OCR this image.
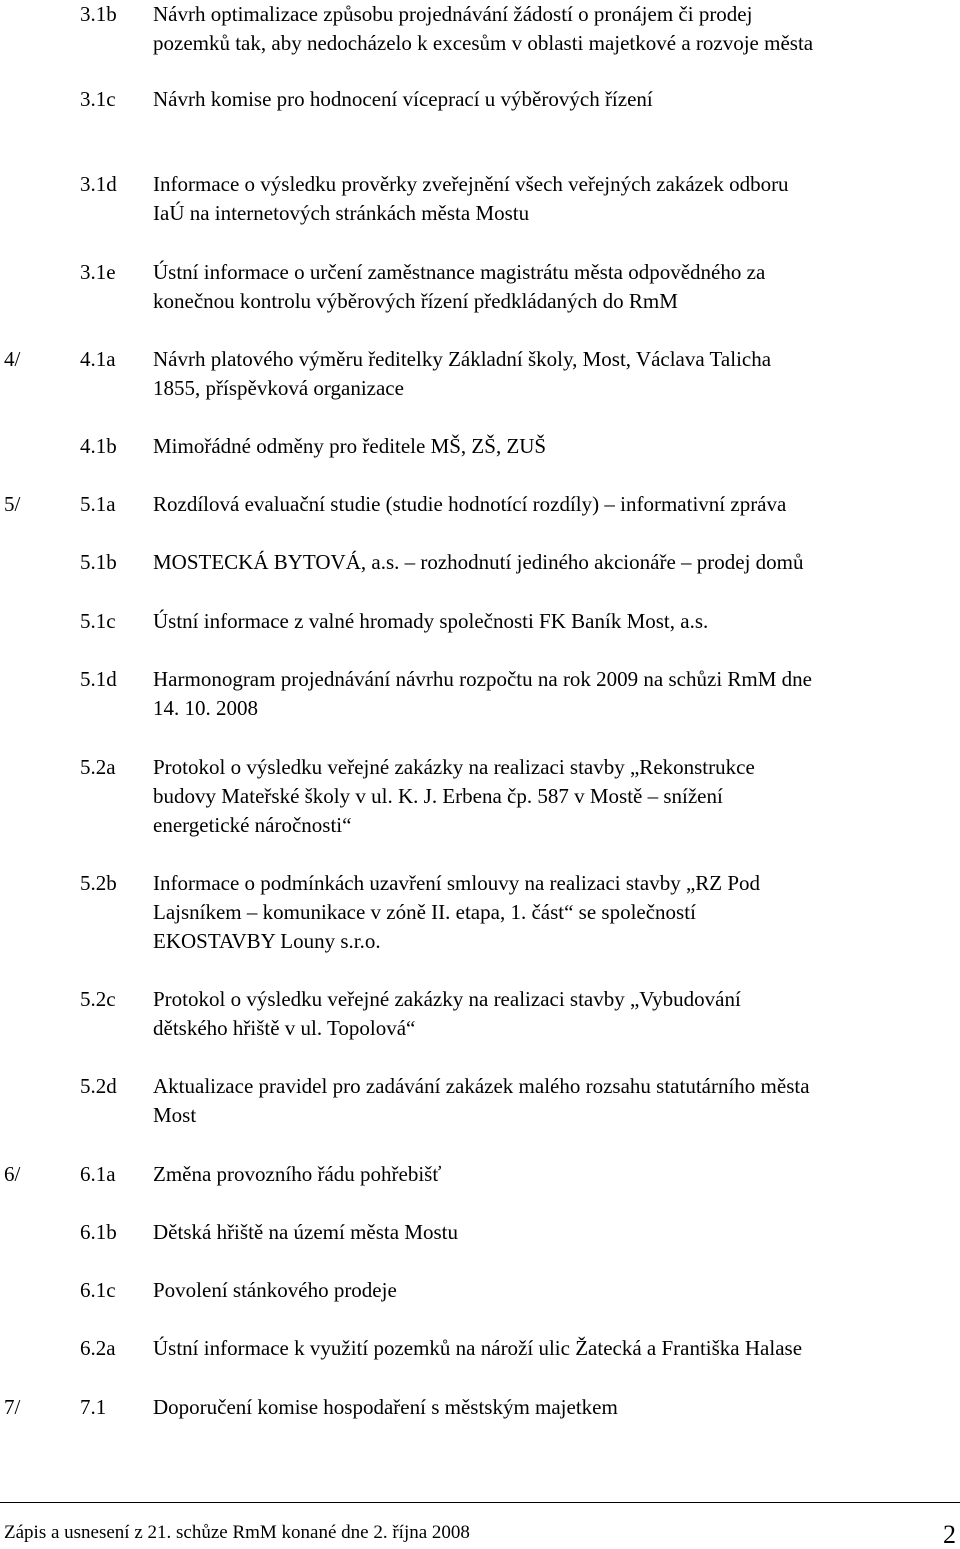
3.1b Návrh optimalizace způsobu projednávání žádostí o pronájem či prodej
pozemků tak, aby nedocházelo k excesům v oblasti majetkové a rozvoje města
3.1c Návrh komise pro hodnocení víceprací u výběrových řízení
3.1d Informace o výsledku prověrky zveřejnění všech veřejných zakázek odboru
IaÚ na internetových stránkách města Mostu
3.1e Ústní informace o určení zaměstnance magistrátu města odpovědného za
konečnou kontrolu výběrových řízení předkládaných do RmM
4/	4.1a Návrh platového výměru ředitelky Základní školy, Most, Václava Talicha
1855, příspěvková organizace
4.1b Mimořádné odměny pro ředitele MŠ, ZŠ, ZUŠ
5/	5.1a Rozdílová evaluační studie (studie hodnotící rozdíly) – informativní zpráva
5.1b MOSTECKÁ BYTOVÁ, a.s. – rozhodnutí jediného akcionáře – prodej domů
5.1c Ústní informace z valné hromady společnosti FK Baník Most, a.s.
5.1d Harmonogram projednávání návrhu rozpočtu na rok 2009 na schůzi RmM dne
14. 10. 2008
5.2a Protokol o výsledku veřejné zakázky na realizaci stavby „Rekonstrukce
budovy Mateřské školy v ul. K. J. Erbena čp. 587 v Mostě – snížení
energetické náročnosti“
5.2b Informace o podmínkách uzavření smlouvy na realizaci stavby „RZ Pod
Lajsníkem – komunikace v zóně II. etapa, 1. část“ se společností
EKOSTAVBY Louny s.r.o.
5.2c Protokol o výsledku veřejné zakázky na realizaci stavby „Vybudování
dětského hřiště v ul. Topolová“
5.2d Aktualizace pravidel pro zadávání zakázek malého rozsahu statutárního města
Most
6/	6.1a Změna provozního řádu pohřebišť
6.1b Dětská hřiště na území města Mostu
6.1c Povolení stánkového prodeje
6.2a Ústní informace k využití pozemků na nároží ulic Žatecká a Františka Halase
7/	7.1 Doporučení komise hospodaření s městským majetkem
Zápis a usnesení z 21. schůze RmM konané dne 2. října 2008	2
